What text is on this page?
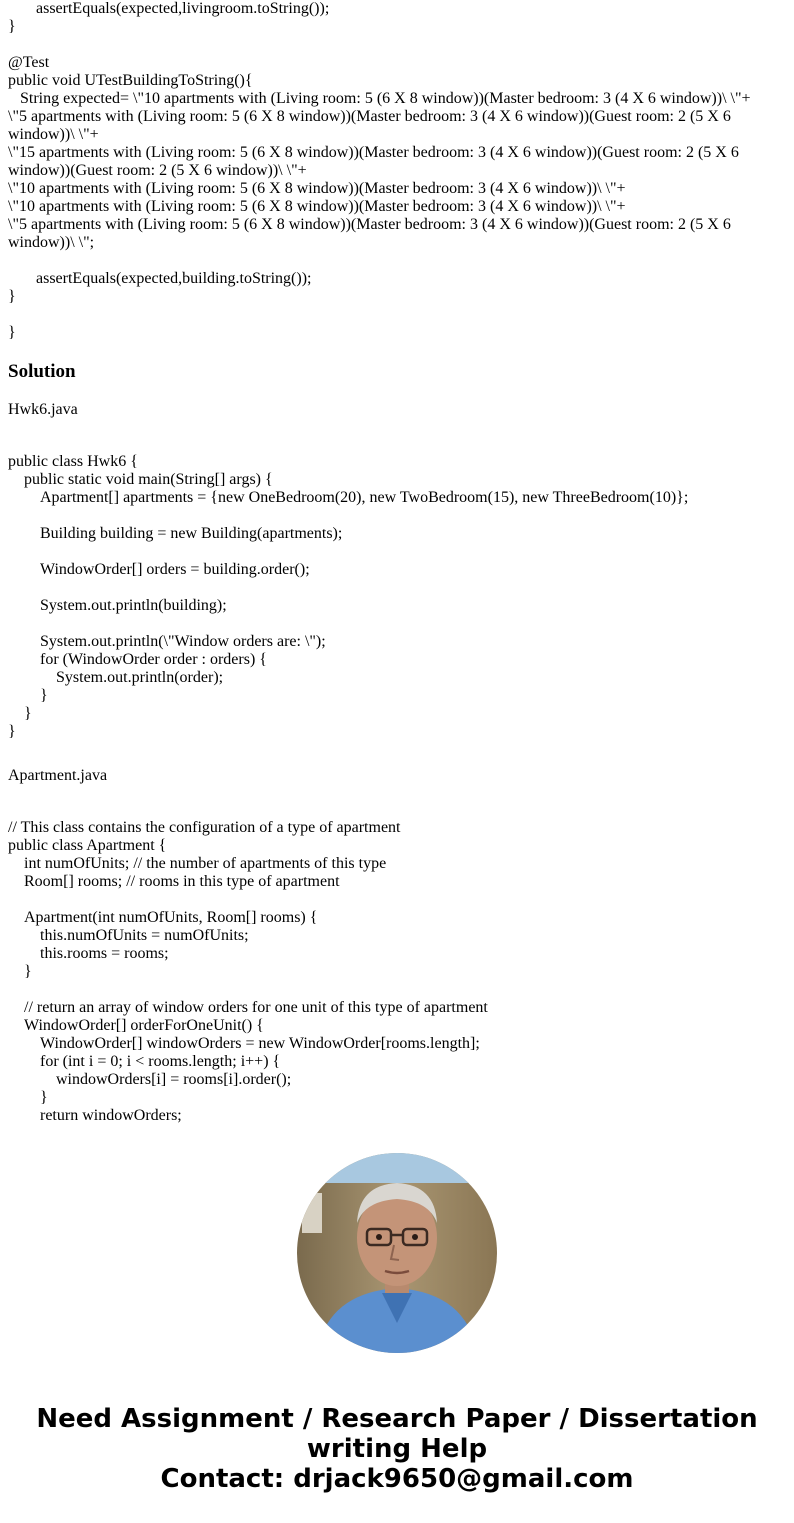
assertEquals(expected,livingroom.toString());
}
@Test
public void UTestBuildingToString(){
String expected= \"10 apartments with (Living room: 5 (6 X 8 window))(Master bedroom: 3 (4 X 6 window))\ \"+
\"5 apartments with (Living room: 5 (6 X 8 window))(Master bedroom: 3 (4 X 6 window))(Guest room: 2 (5 X 6 window))\ \"+
\"15 apartments with (Living room: 5 (6 X 8 window))(Master bedroom: 3 (4 X 6 window))(Guest room: 2 (5 X 6 window))(Guest room: 2 (5 X 6 window))\ \"+
\"10 apartments with (Living room: 5 (6 X 8 window))(Master bedroom: 3 (4 X 6 window))\ \"+
\"10 apartments with (Living room: 5 (6 X 8 window))(Master bedroom: 3 (4 X 6 window))\ \"+
\"5 apartments with (Living room: 5 (6 X 8 window))(Master bedroom: 3 (4 X 6 window))(Guest room: 2 (5 X 6 window))\ \";
assertEquals(expected,building.toString());
}
}
Solution
Hwk6.java
public class Hwk6 {
public static void main(String[] args) {
Apartment[] apartments = {new OneBedroom(20), new TwoBedroom(15), new ThreeBedroom(10)};
Building building = new Building(apartments);
WindowOrder[] orders = building.order();
System.out.println(building);
System.out.println(\"Window orders are: \");
for (WindowOrder order : orders) {
System.out.println(order);
}
}
}
Apartment.java
// This class contains the configuration of a type of apartment
public class Apartment {
int numOfUnits; // the number of apartments of this type
Room[] rooms; // rooms in this type of apartment
Apartment(int numOfUnits, Room[] rooms) {
this.numOfUnits = numOfUnits;
this.rooms = rooms;
}
// return an array of window orders for one unit of this type of apartment
WindowOrder[] orderForOneUnit() {
WindowOrder[] windowOrders = new WindowOrder[rooms.length];
for (int i = 0; i < rooms.length; i++) {
windowOrders[i] = rooms[i].order();
}
return windowOrders;
Need Assignment / Research Paper / Dissertation writing Help
Contact: drjack9650@gmail.com
